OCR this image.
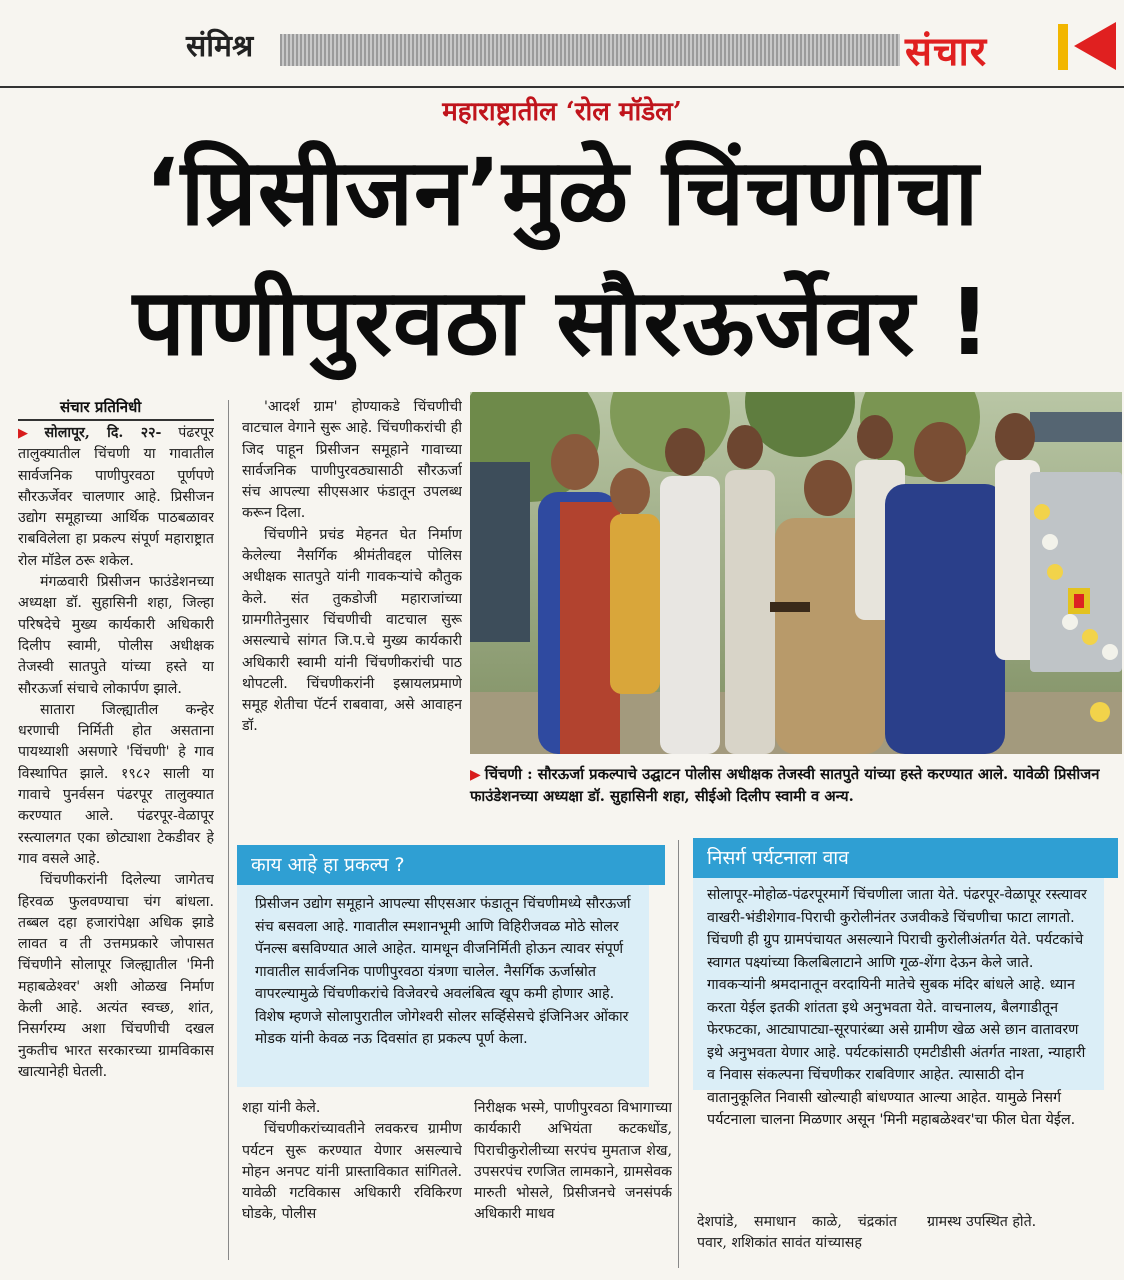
संमिश्र	संचार
महाराष्ट्रातील ‘रोल मॉडेल’
‘प्रिसीजन’मुळे चिंचणीचा
पाणीपुरवठा सौरऊर्जेवर !
संचार प्रतिनिधी

▶ सोलापूर, दि. २२- पंढरपूर तालुक्यातील चिंचणी या गावातील सार्वजनिक पाणीपुरवठा पूर्णपणे सौरऊर्जेवर चालणार आहे. प्रिसीजन उद्योग समूहाच्या आर्थिक पाठबळावर राबविलेला हा प्रकल्प संपूर्ण महाराष्ट्रात रोल मॉडेल ठरू शकेल.

मंगळवारी प्रिसीजन फाउंडेशनच्या अध्यक्षा डॉ. सुहासिनी शहा, जिल्हा परिषदेचे मुख्य कार्यकारी अधिकारी दिलीप स्वामी, पोलीस अधीक्षक तेजस्वी सातपुते यांच्या हस्ते या सौरऊर्जा संचाचे लोकार्पण झाले.

सातारा जिल्ह्यातील कन्हेर धरणाची निर्मिती होत असताना पायथ्याशी असणारे 'चिंचणी' हे गाव विस्थापित झाले. १९८२ साली या गावाचे पुनर्वसन पंढरपूर तालुक्यात करण्यात आले. पंढरपूर-वेळापूर रस्त्यालगत एका छोट्याशा टेकडीवर हे गाव वसले आहे.

चिंचणीकरांनी दिलेल्या जागेतच हिरवळ फुलवण्याचा चंग बांधला. तब्बल दहा हजारांपेक्षा अधिक झाडे लावत व ती उत्तमप्रकारे जोपासत चिंचणीने सोलापूर जिल्ह्यातील 'मिनी महाबळेश्वर' अशी ओळख निर्माण केली आहे. अत्यंत स्वच्छ, शांत, निसर्गरम्य अशा चिंचणीची दखल नुकतीच भारत सरकारच्या ग्रामविकास खात्यानेही घेतली.

'आदर्श ग्राम' होण्याकडे चिंचणीची वाटचाल वेगाने सुरू आहे. चिंचणीकरांची ही जिद पाहून प्रिसीजन समूहाने गावाच्या सार्वजनिक पाणीपुरवठ्यासाठी सौरऊर्जा संच आपल्या सीएसआर फंडातून उपलब्ध करून दिला.

चिंचणीने प्रचंड मेहनत घेत निर्माण केलेल्या नैसर्गिक श्रीमंतीवद्दल पोलिस अधीक्षक सातपुते यांनी गावकऱ्यांचे कौतुक केले. संत तुकडोजी महाराजांच्या ग्रामगीतेनुसार चिंचणीची वाटचाल सुरू असल्याचे सांगत जि.प.चे मुख्य कार्यकारी अधिकारी स्वामी यांनी चिंचणीकरांची पाठ थोपटली. चिंचणीकरांनी इस्रायलप्रमाणे समूह शेतीचा पॅटर्न राबवावा, असे आवाहन डॉ.

▶ चिंचणी : सौरऊर्जा प्रकल्पाचे उद्घाटन पोलीस अधीक्षक तेजस्वी सातपुते यांच्या हस्ते करण्यात आले. यावेळी प्रिसीजन फाउंडेशनच्या अध्यक्षा डॉ. सुहासिनी शहा, सीईओ दिलीप स्वामी व अन्य.
काय आहे हा प्रकल्प ?
प्रिसीजन उद्योग समूहाने आपल्या सीएसआर फंडातून चिंचणीमध्ये सौरऊर्जा संच बसवला आहे. गावातील स्मशानभूमी आणि विहिरीजवळ मोठे सोलर पॅनल्स बसविण्यात आले आहेत. यामधून वीजनिर्मिती होऊन त्यावर संपूर्ण गावातील सार्वजनिक पाणीपुरवठा यंत्रणा चालेल. नैसर्गिक ऊर्जास्रोत वापरल्यामुळे चिंचणीकरांचे विजेवरचे अवलंबित्व खूप कमी होणार आहे. विशेष म्हणजे सोलापुरातील जोगेश्वरी सोलर सर्व्हिसेसचे इंजिनिअर ओंकार मोडक यांनी केवळ नऊ दिवसांत हा प्रकल्प पूर्ण केला.
निसर्ग पर्यटनाला वाव
सोलापूर-मोहोळ-पंढरपूरमार्गे चिंचणीला जाता येते. पंढरपूर-वेळापूर रस्त्यावर वाखरी-भंडीशेगाव-पिराची कुरोलीनंतर उजवीकडे चिंचणीचा फाटा लागतो. चिंचणी ही ग्रुप ग्रामपंचायत असल्याने पिराची कुरोलीअंतर्गत येते. पर्यटकांचे स्वागत पक्ष्यांच्या किलबिलाटाने आणि गूळ-शेंगा देऊन केले जाते. गावकऱ्यांनी श्रमदानातून वरदायिनी मातेचे सुबक मंदिर बांधले आहे. ध्यान करता येईल इतकी शांतता इथे अनुभवता येते. वाचनालय, बैलगाडीतून फेरफटका, आट्यापाट्या-सूरपारंब्या असे ग्रामीण खेळ असे छान वातावरण इथे अनुभवता येणार आहे. पर्यटकांसाठी एमटीडीसी अंतर्गत नाश्ता, न्याहारी व निवास संकल्पना चिंचणीकर राबविणार आहेत. त्यासाठी दोन वातानुकूलित निवासी खोल्याही बांधण्यात आल्या आहेत. यामुळे निसर्ग पर्यटनाला चालना मिळणार असून 'मिनी महाबळेश्वर'चा फील घेता येईल.

शहा यांनी केले.

चिंचणीकरांच्यावतीने लवकरच ग्रामीण पर्यटन सुरू करण्यात येणार असल्याचे मोहन अनपट यांनी प्रास्ताविकात सांगितले. यावेळी गटविकास अधिकारी रविकिरण घोडके, पोलीस

निरीक्षक भस्मे, पाणीपुरवठा विभागाच्या कार्यकारी अभियंता कटकधोंड, पिराचीकुरोलीच्या सरपंच मुमताज शेख, उपसरपंच रणजित लामकाने, ग्रामसेवक मारुती भोसले, प्रिसीजनचे जनसंपर्क अधिकारी माधव	देशपांडे, समाधान काळे, चंद्रकांत पवार, शशिकांत सावंत यांच्यासह

ग्रामस्थ उपस्थित होते.
